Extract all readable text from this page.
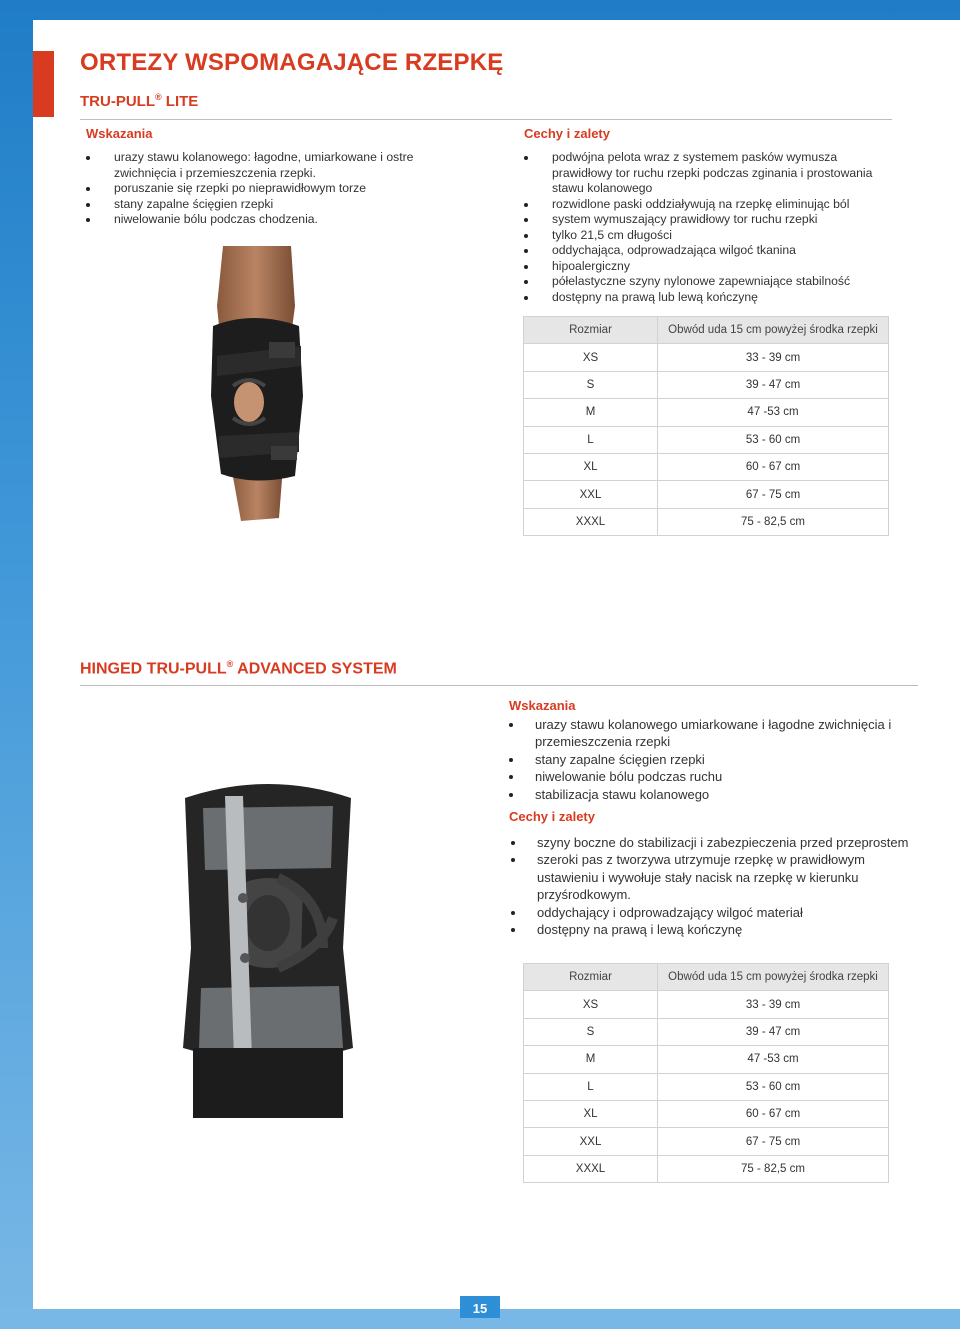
ORTEZY WSPOMAGAJĄCE RZEPKĘ
TRU-PULL® LITE
Wskazania
urazy stawu kolanowego: łagodne, umiarkowane i ostre zwichnięcia i przemieszczenia rzepki.
poruszanie się rzepki po nieprawidłowym torze
stany zapalne ścięgien rzepki
niwelowanie bólu podczas chodzenia.
Cechy i zalety
podwójna pelota wraz z systemem pasków wymusza prawidłowy tor ruchu rzepki podczas zginania i prostowania stawu kolanowego
rozwidlone paski oddziaływują na rzepkę eliminując ból
system wymuszający prawidłowy tor ruchu rzepki
tylko 21,5 cm długości
oddychająca, odprowadzająca wilgoć tkanina
hipoalergiczny
półelastyczne szyny nylonowe zapewniające stabilność
dostępny na prawą lub lewą kończynę
Rozmiar	Obwód uda 15 cm powyżej środka rzepki
XS	33 - 39 cm
S	39 - 47 cm
M	47 -53 cm
L	53 - 60 cm
XL	60 - 67 cm
XXL	67 - 75 cm
XXXL	75 - 82,5 cm
HINGED TRU-PULL® ADVANCED SYSTEM
Wskazania
urazy stawu kolanowego umiarkowane i łagodne zwichnięcia i przemieszczenia rzepki
stany zapalne ścięgien rzepki
niwelowanie bólu podczas ruchu
stabilizacja stawu kolanowego
Cechy i zalety
szyny boczne do stabilizacji i zabezpieczenia przed przeprostem
szeroki pas z tworzywa utrzymuje rzepkę w prawidłowym ustawieniu i wywołuje stały nacisk na rzepkę w kierunku przyśrodkowym.
oddychający i odprowadzający wilgoć materiał
dostępny na prawą i lewą kończynę
Rozmiar	Obwód uda 15 cm powyżej środka rzepki
XS	33 - 39 cm
S	39 - 47 cm
M	47 -53 cm
L	53 - 60 cm
XL	60 - 67 cm
XXL	67 - 75 cm
XXXL	75 - 82,5 cm
15
